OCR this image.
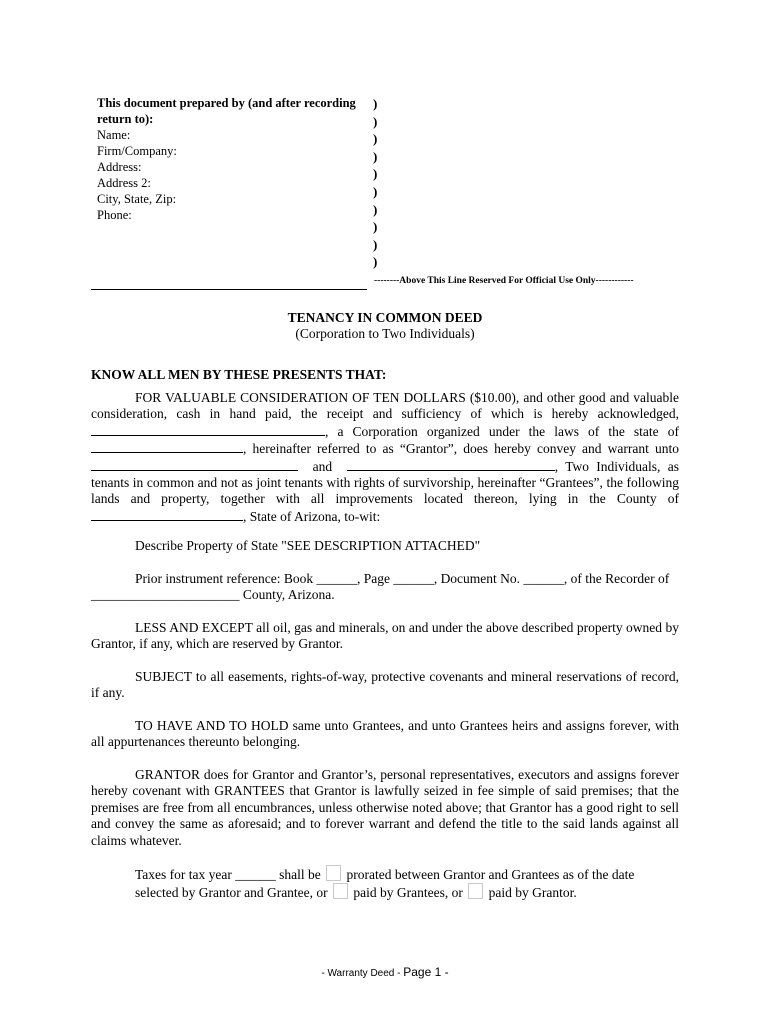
This document prepared by (and after recording return to):
Name:
Firm/Company:
Address:
Address 2:
City, State, Zip:
Phone:
)
)
)
)
)
)
)
)
)
)
--------Above This Line Reserved For Official Use Only------------
TENANCY IN COMMON DEED
(Corporation to Two Individuals)
KNOW ALL MEN BY THESE PRESENTS THAT:
FOR VALUABLE CONSIDERATION OF TEN DOLLARS ($10.00), and other good and valuable consideration, cash in hand paid, the receipt and sufficiency of which is hereby acknowledged, , a Corporation organized under the laws of the state of , hereinafter referred to as “Grantor”, does hereby convey and warrant unto   and	, Two Individuals, as tenants in common and not as joint tenants with rights of survivorship, hereinafter “Grantees”, the following lands and property, together with all improvements located thereon, lying in the County of , State of Arizona, to-wit:
Describe Property of State "SEE DESCRIPTION ATTACHED"
Prior instrument reference: Book ______, Page ______, Document No. ______, of the Recorder of
______________________ County, Arizona.
LESS AND EXCEPT all oil, gas and minerals, on and under the above described property owned by Grantor, if any, which are reserved by Grantor.
SUBJECT to all easements, rights-of-way, protective covenants and mineral reservations of record, if any.
TO HAVE AND TO HOLD same unto Grantees, and unto Grantees heirs and assigns forever, with all appurtenances thereunto belonging.
GRANTOR does for Grantor and Grantor’s, personal representatives, executors and assigns forever hereby covenant with GRANTEES that Grantor is lawfully seized in fee simple of said premises; that the premises are free from all encumbrances, unless otherwise noted above; that Grantor has a good right to sell and convey the same as aforesaid; and to forever warrant and defend the title to the said lands against all claims whatever.
Taxes for tax year ______ shall be prorated between Grantor and Grantees as of the date selected by Grantor and Grantee, or paid by Grantees, or paid by Grantor.
- Warranty Deed - Page 1 -
